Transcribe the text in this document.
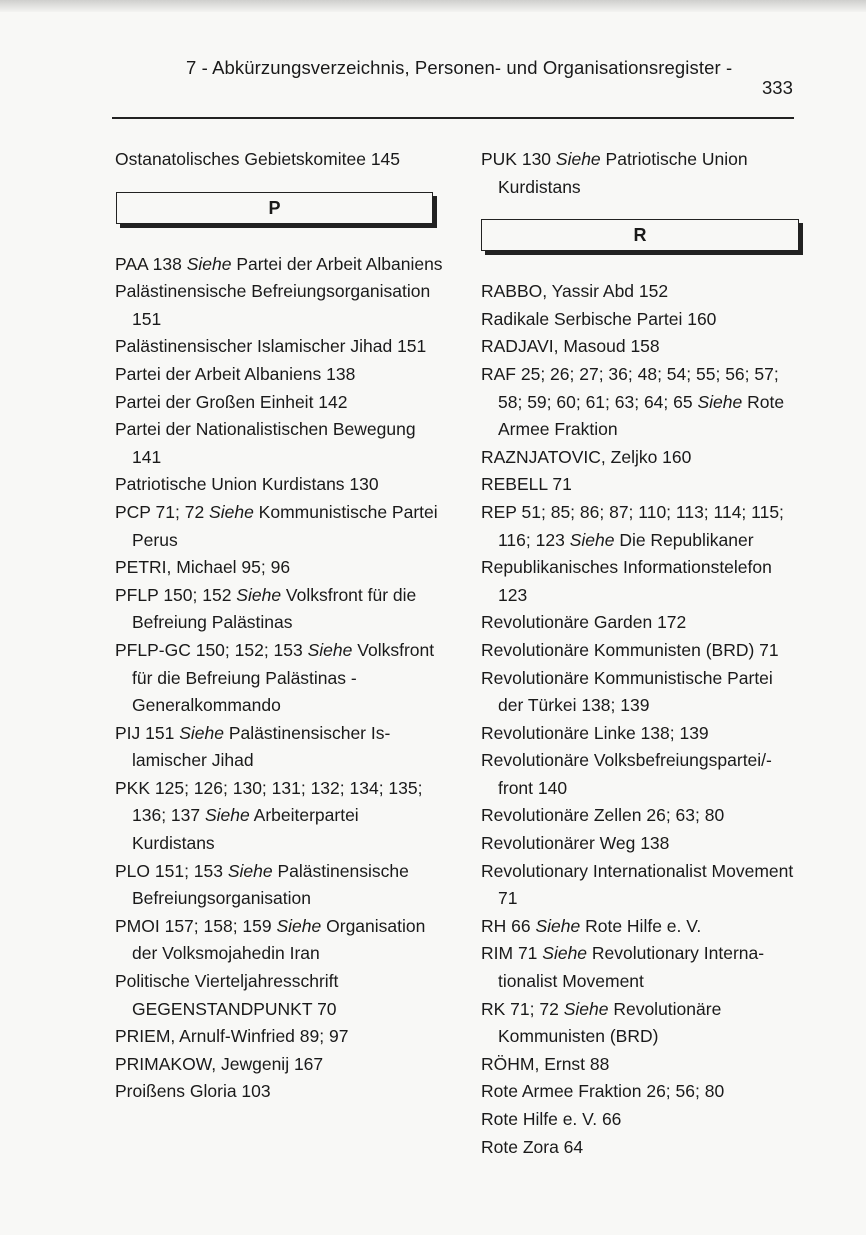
7 - Abkürzungsverzeichnis, Personen- und Organisationsregister -
333
Ostanatolisches Gebietskomitee 145
P
PAA 138 Siehe Partei der Arbeit Albaniens
Palästinensische Befreiungsorganisation 151
Palästinensischer Islamischer Jihad 151
Partei der Arbeit Albaniens 138
Partei der Großen Einheit 142
Partei der Nationalistischen Bewegung 141
Patriotische Union Kurdistans 130
PCP 71; 72 Siehe Kommunistische Partei Perus
PETRI, Michael 95; 96
PFLP 150; 152 Siehe Volksfront für die Befreiung Palästinas
PFLP-GC 150; 152; 153 Siehe Volksfront für die Befreiung Palästinas - Generalkommando
PIJ 151 Siehe Palästinensischer Islamischer Jihad
PKK 125; 126; 130; 131; 132; 134; 135; 136; 137 Siehe Arbeiterpartei Kurdistans
PLO 151; 153 Siehe Palästinensische Befreiungsorganisation
PMOI 157; 158; 159 Siehe Organisation der Volksmojahedin Iran
Politische Vierteljahresschrift GEGENSTANDPUNKT 70
PRIEM, Arnulf-Winfried 89; 97
PRIMAKOW, Jewgenij 167
Proißens Gloria 103
PUK 130 Siehe Patriotische Union Kurdistans
R
RABBO, Yassir Abd 152
Radikale Serbische Partei 160
RADJAVI, Masoud 158
RAF 25; 26; 27; 36; 48; 54; 55; 56; 57; 58; 59; 60; 61; 63; 64; 65 Siehe Rote Armee Fraktion
RAZNJATOVIC, Zeljko 160
REBELL 71
REP 51; 85; 86; 87; 110; 113; 114; 115; 116; 123 Siehe Die Republikaner
Republikanisches Informationstelefon 123
Revolutionäre Garden 172
Revolutionäre Kommunisten (BRD) 71
Revolutionäre Kommunistische Partei der Türkei 138; 139
Revolutionäre Linke 138; 139
Revolutionäre Volksbefreiungspartei/-front 140
Revolutionäre Zellen 26; 63; 80
Revolutionärer Weg 138
Revolutionary Internationalist Movement 71
RH 66 Siehe Rote Hilfe e. V.
RIM 71 Siehe Revolutionary Internationalist Movement
RK 71; 72 Siehe Revolutionäre Kommunisten (BRD)
RÖHM, Ernst 88
Rote Armee Fraktion 26; 56; 80
Rote Hilfe e. V. 66
Rote Zora 64
